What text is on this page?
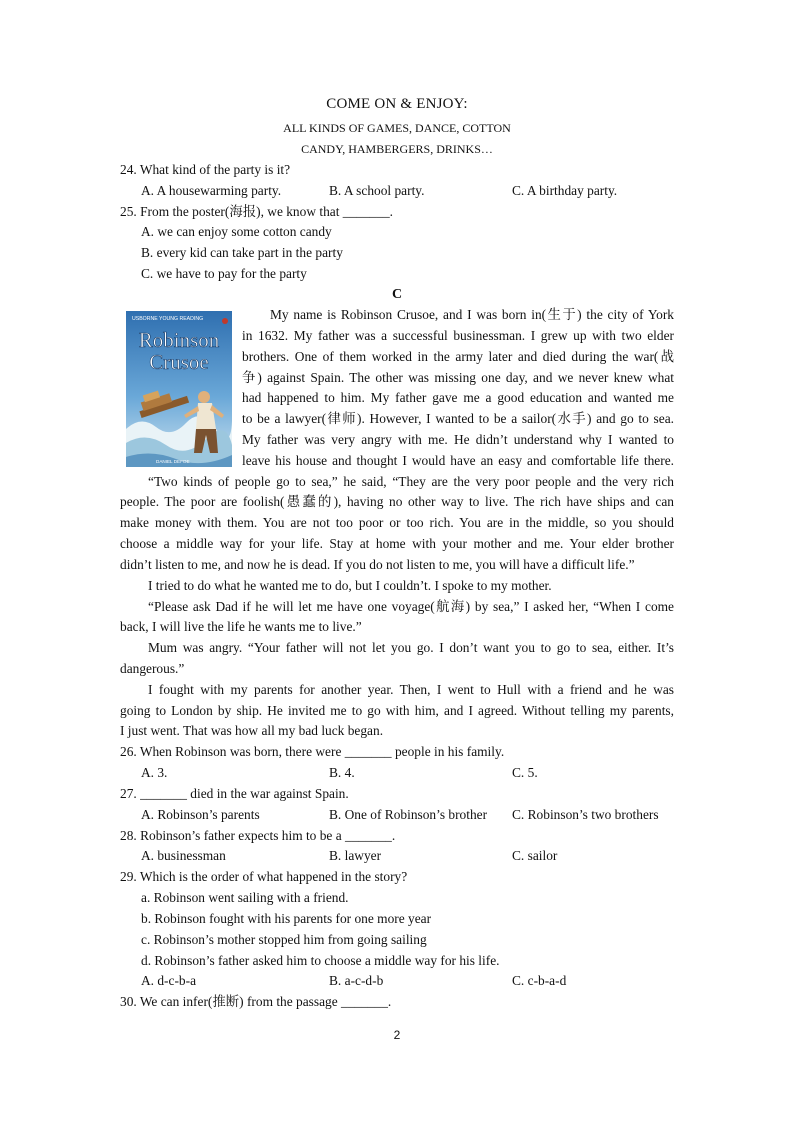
COME ON & ENJOY:
ALL KINDS OF GAMES, DANCE, COTTON
CANDY, HAMBERGERS, DRINKS…
24. What kind of the party is it?
A. A housewarming party.	B. A school party.	C. A birthday party.
25. From the poster(海报), we know that _______.
A. we can enjoy some cotton candy
B. every kid can take part in the party
C. we have to pay for the party
C
USBORNE YOUNG READING
Robinson
Crusoe
DANIEL DEFOE
My name is Robinson Crusoe, and I was born in(生于) the city of York
in 1632. My father was a successful businessman. I grew up with two elder
brothers. One of them worked in the army later and died during the war(战
争) against Spain. The other was missing one day, and we never knew what
had happened to him. My father gave me a good education and wanted me
to be a lawyer(律师). However, I wanted to be a sailor(水手) and go to sea.
My father was very angry with me. He didn’t understand why I wanted to
leave his house and thought I would have an easy and comfortable life there.
“Two kinds of people go to sea,” he said, “They are the very poor people and the very rich
people. The poor are foolish(愚蠢的), having no other way to live. The rich have ships and can
make money with them. You are not too poor or too rich. You are in the middle, so you should
choose a middle way for your life. Stay at home with your mother and me. Your elder brother
didn’t listen to me, and now he is dead. If you do not listen to me, you will have a difficult life.”
I tried to do what he wanted me to do, but I couldn’t. I spoke to my mother.
“Please ask Dad if he will let me have one voyage(航海) by sea,” I asked her, “When I come
back, I will live the life he wants me to live.”
Mum was angry. “Your father will not let you go. I don’t want you to go to sea, either. It’s
dangerous.”
I fought with my parents for another year. Then, I went to Hull with a friend and he was
going to London by ship. He invited me to go with him, and I agreed. Without telling my parents,
I just went. That was how all my bad luck began.
26. When Robinson was born, there were _______ people in his family.
A. 3.	B. 4.	C. 5.
27. _______ died in the war against Spain.
A. Robinson’s parents	B. One of Robinson’s brother C. Robinson’s two brothers
28. Robinson’s father expects him to be a _______.
A. businessman	B. lawyer	C. sailor
29. Which is the order of what happened in the story?
a. Robinson went sailing with a friend.
b. Robinson fought with his parents for one more year
c. Robinson’s mother stopped him from going sailing
d. Robinson’s father asked him to choose a middle way for his life.
A. d-c-b-a	B. a-c-d-b	C. c-b-a-d
30. We can infer(推断) from the passage _______.
2
